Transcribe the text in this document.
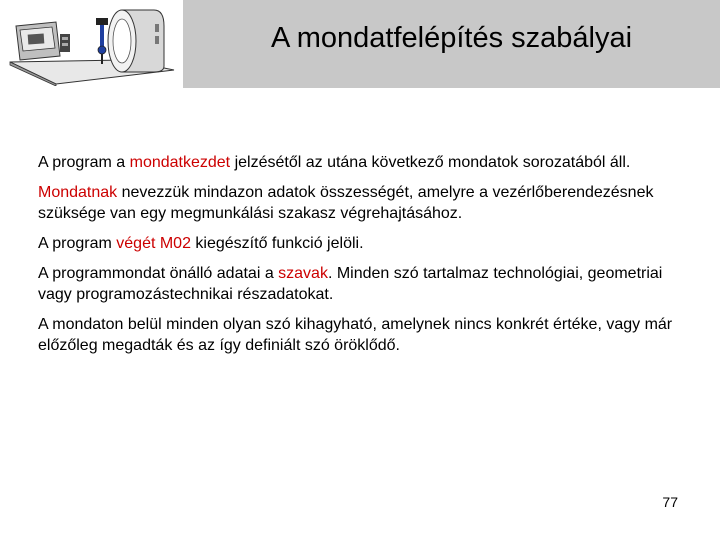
A mondatfelépítés szabályai

A program a mondatkezdet jelzésétől az utána következő mondatok sorozatából áll.

Mondatnak nevezzük mindazon adatok összességét, amelyre a vezérlőberendezésnek szüksége van egy megmunkálási szakasz végrehajtásához.

A program végét M02 kiegészítő funkció jelöli.

A programmondat önálló adatai a szavak. Minden szó tartalmaz technológiai, geometriai vagy programozástechnikai részadatokat.

A mondaton belül minden olyan szó kihagyható, amelynek nincs konkrét értéke, vagy már előzőleg megadták és az így definiált szó öröklődő.

77
